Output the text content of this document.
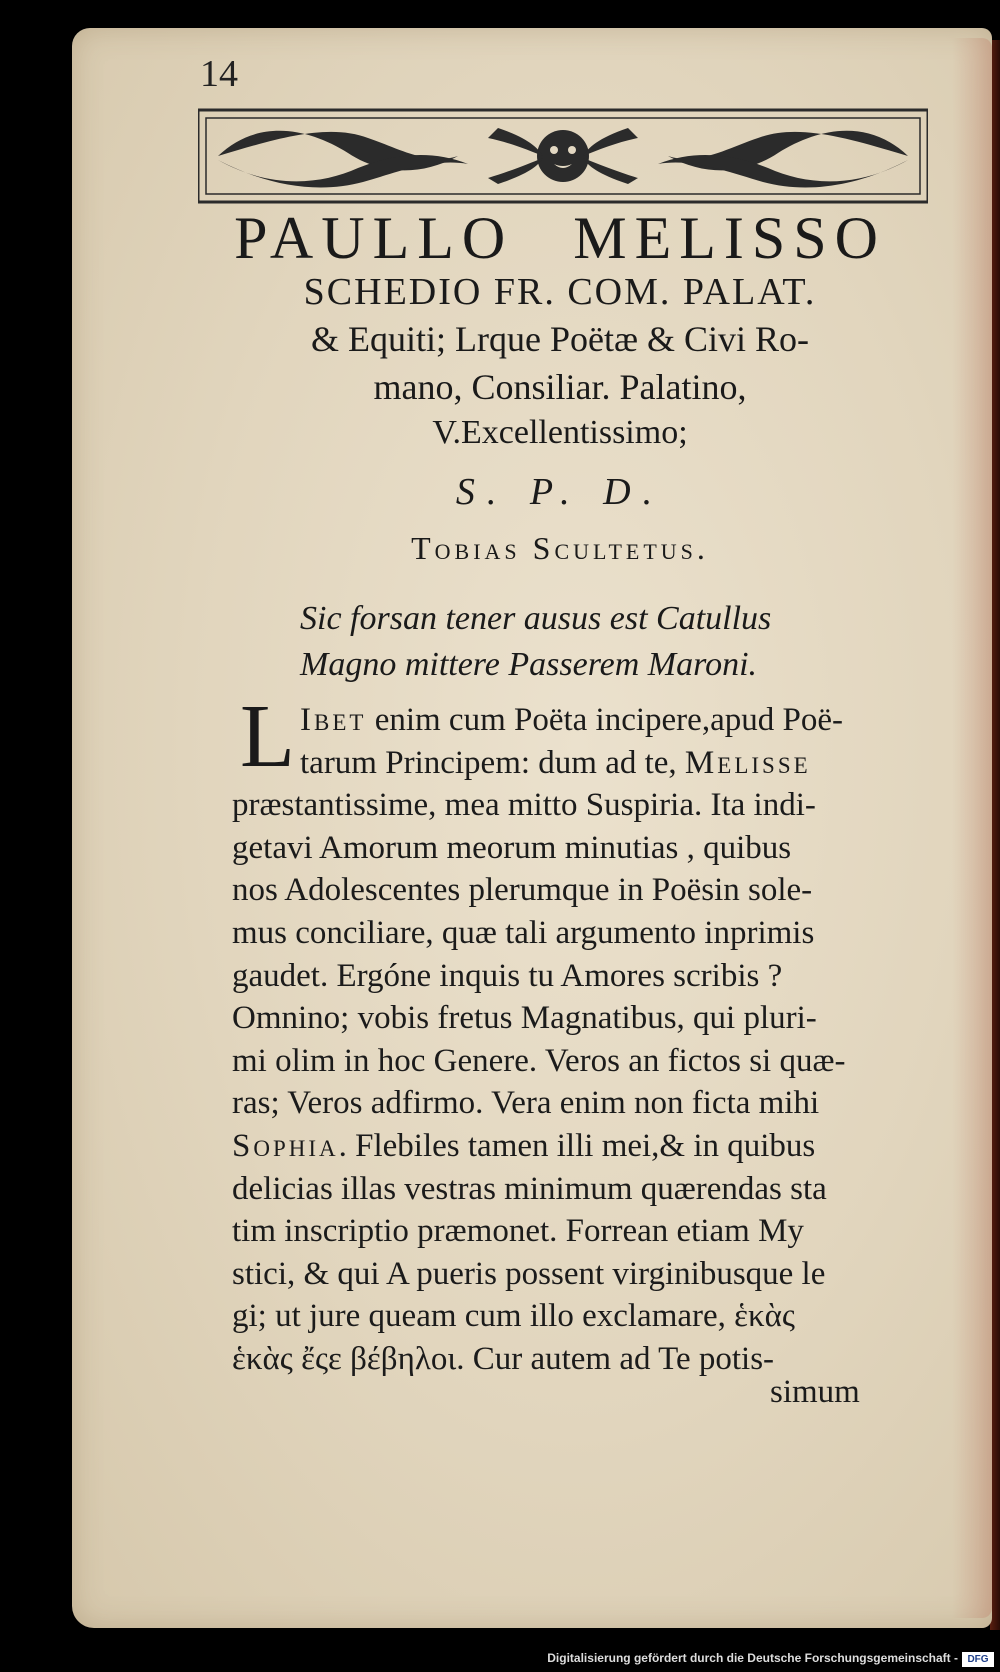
14
PAULLO MELISSO
SCHEDIO FR. COM. PALAT.
& Equiti; Lrque Poëtæ & Civi Ro-
mano, Consiliar. Palatino,
V.Excellentissimo;
S. P. D.
Tobias Scultetus.
Sic forsan tener ausus est Catullus
Magno mittere Passerem Maroni.
L Ibet enim cum Poëta incipere,apud Poë-
tarum Principem: dum ad te, Melisse
præstantissime, mea mitto Suspiria. Ita indi-
getavi Amorum meorum minutias , quibus
nos Adolescentes plerumque in Poësin sole-
mus conciliare, quæ tali argumento inprimis
gaudet. Ergóne inquis tu Amores scribis ?
Omnino; vobis fretus Magnatibus, qui pluri-
mi olim in hoc Genere. Veros an fictos si quæ-
ras; Veros adfirmo. Vera enim non ficta mihi
Sophia. Flebiles tamen illi mei,& in quibus
delicias illas vestras minimum quærendas sta
tim inscriptio præmonet. Forrean etiam My
stici, & qui A pueris possent virginibusque le
gi; ut jure queam cum illo exclamare, ἑκὰς
ἑκὰς ἔςε βέβηλοι. Cur autem ad Te potis-
simum
Digitalisierung gefördert durch die Deutsche Forschungsgemeinschaft - DFG
